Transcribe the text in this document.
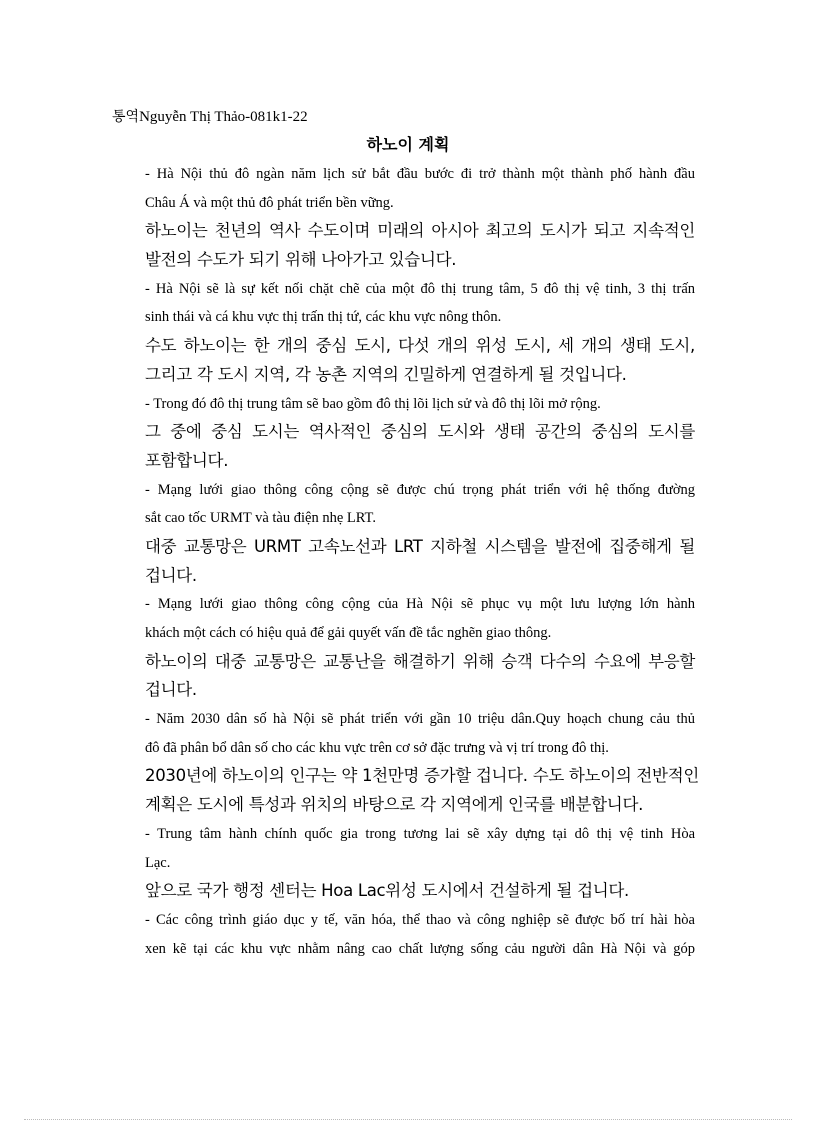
통역Nguyễn Thị Thảo-081k1-22
하노이 계획
- Hà Nội thủ đô ngàn năm lịch sử bắt đầu bước đi trở thành một thành phố hành đầu
Châu Á và một thủ đô phát triển bền vững.
하노이는 천년의 역사 수도이며 미래의 아시아 최고의 도시가 되고 지속적인
발전의 수도가 되기 위해 나아가고 있습니다.
- Hà Nội sẽ là sự kết nối chặt chẽ của một đô thị trung tâm, 5 đô thị vệ tinh, 3 thị trấn
sinh thái và cá khu vực thị trấn thị tứ, các khu vực nông thôn.
수도 하노이는 한 개의 중심 도시, 다섯 개의 위성 도시, 세 개의 생태 도시,
그리고 각 도시 지역, 각 농촌 지역의 긴밀하게 연결하게 될 것입니다.
- Trong đó đô thị trung tâm sẽ bao gồm đô thị lõi lịch sử và đô thị lõi mở rộng.
그 중에 중심 도시는 역사적인 중심의 도시와 생태 공간의 중심의 도시를
포함합니다.
- Mạng lưới giao thông công cộng sẽ được chú trọng phát triển với hệ thống đường
sắt cao tốc URMT và tàu điện nhẹ LRT.
대중 교통망은 URMT 고속노선과 LRT 지하철 시스템을 발전에 집중해게 될
겁니다.
- Mạng lưới giao thông công cộng của Hà Nội sẽ phục vụ một lưu lượng lớn hành
khách một cách có hiệu quả để gải quyết vấn đề tắc nghẽn giao thông.
하노이의 대중 교통망은 교통난을 해결하기 위해 승객 다수의 수요에 부응할
겁니다.
- Năm 2030 dân số hà Nội sẽ phát triển với gần 10 triệu dân.Quy hoạch chung cảu thủ
đô đã phân bổ dân số cho các khu vực trên cơ sở đặc trưng và vị trí trong đô thị.
2030년에 하노이의 인구는 약 1천만명 증가할 겁니다. 수도 하노이의 전반적인
계획은 도시에 특성과 위치의 바탕으로 각 지역에게 인국를 배분합니다.
- Trung tâm hành chính quốc gia trong tương lai sẽ xây dựng tại dô thị vệ tinh Hòa
Lạc.
앞으로 국가 행정 센터는 Hoa Lac위성 도시에서 건설하게 될 겁니다.
- Các công trình giáo dục y tế, văn hóa, thể thao và công nghiệp sẽ được bố trí hài hòa
xen kẽ tại các khu vực nhằm nâng cao chất lượng sống cảu người dân Hà Nội và góp
